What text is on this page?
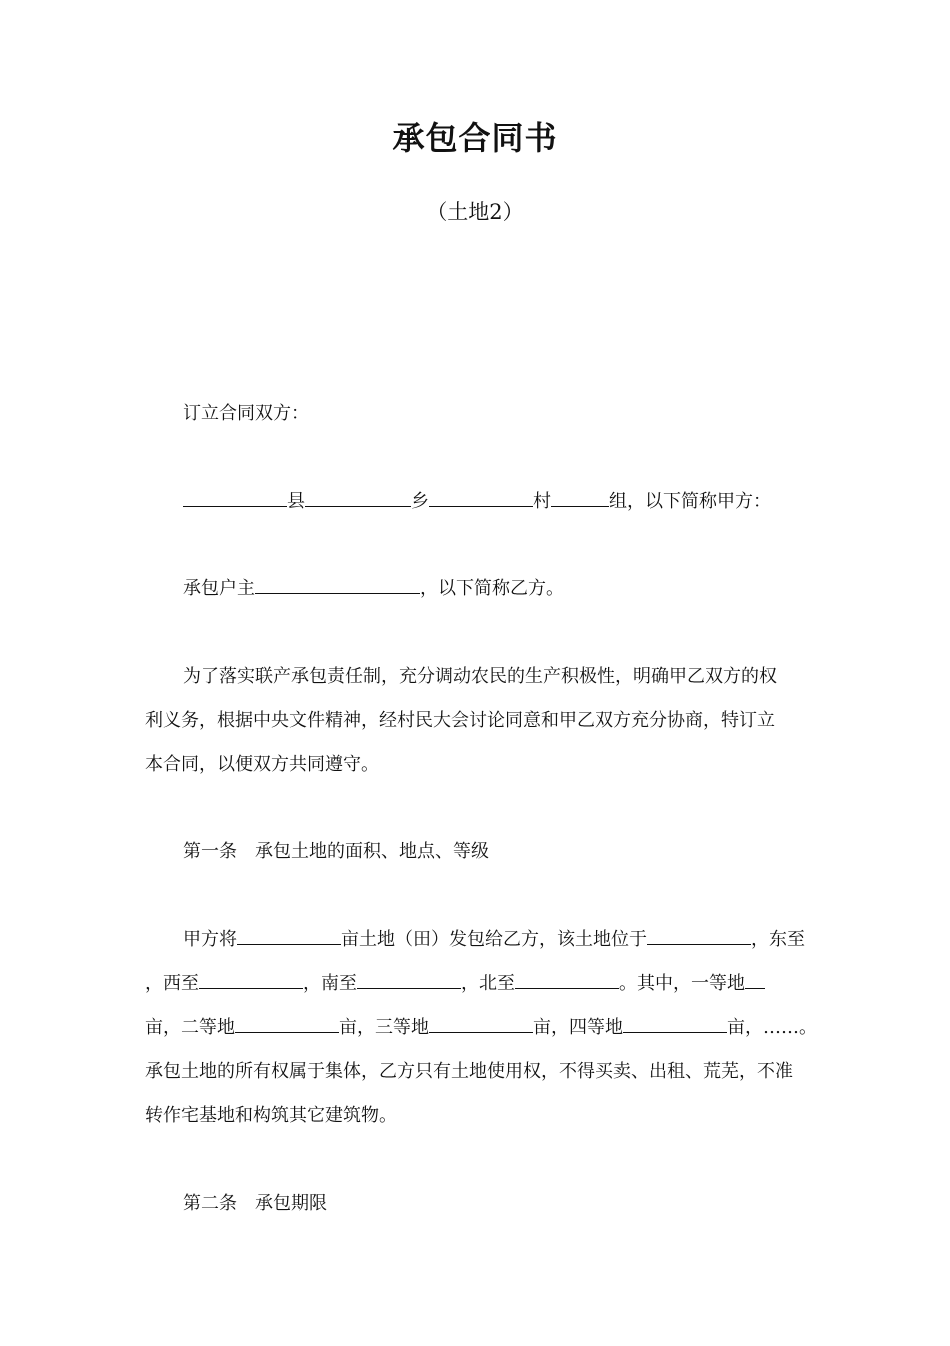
承包合同书
（土地2）
订立合同双方：
县	乡	村	组，以下简称甲方：
承包户主	，以下简称乙方。
为了落实联产承包责任制，充分调动农民的生产积极性，明确甲乙双方的权
利义务，根据中央文件精神，经村民大会讨论同意和甲乙双方充分协商，特订立
本合同，以便双方共同遵守。
第一条 承包土地的面积、地点、等级
甲方将	亩土地（田）发包给乙方，该土地位于	，东至
，西至	，南至	，北至	。其中，一等地
亩，二等地	亩，三等地	亩，四等地	亩，……。
承包土地的所有权属于集体，乙方只有土地使用权，不得买卖、出租、荒芜，不准
转作宅基地和构筑其它建筑物。
第二条 承包期限
